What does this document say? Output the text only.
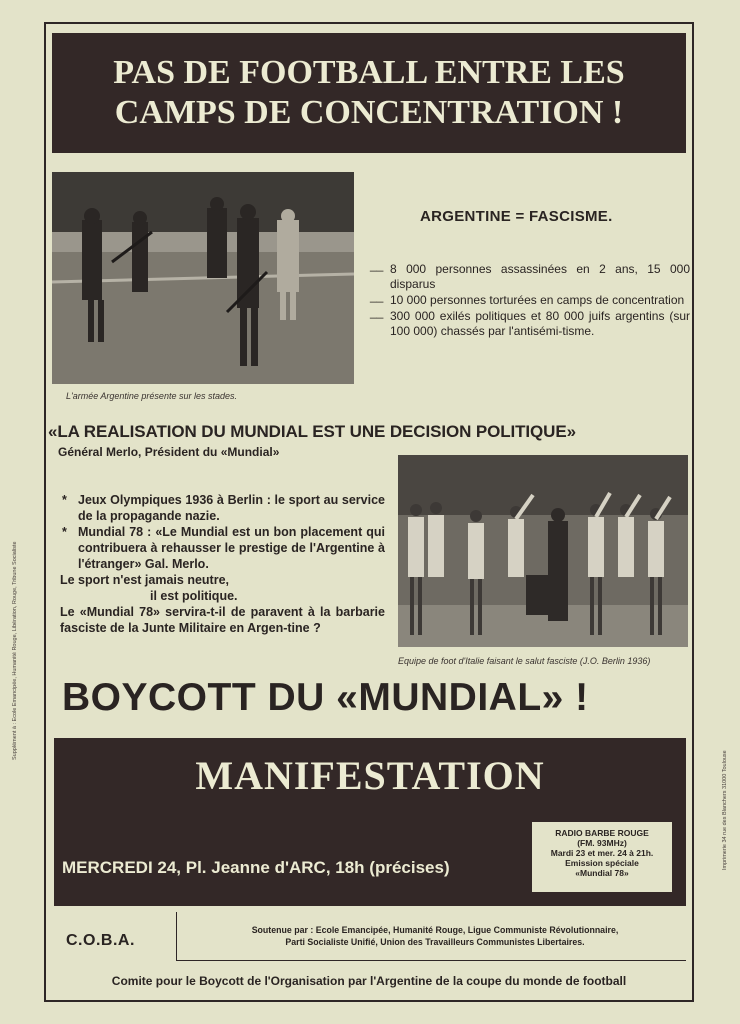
PAS DE FOOTBALL ENTRE LES
CAMPS DE CONCENTRATION !
L'armée Argentine présente sur les stades.
ARGENTINE = FASCISME.
__ 8 000 personnes assassinées en 2 ans, 15 000 disparus
__ 10 000 personnes torturées en camps de concentration
__ 300 000 exilés politiques et 80 000 juifs argentins (sur 100 000) chassés par l'antisémi-tisme.
«LA REALISATION DU MUNDIAL EST UNE DECISION POLITIQUE»
Général Merlo, Président du «Mundial»

* Jeux Olympiques 1936 à Berlin : le sport au service de la propagande nazie.

* Mundial 78 : «Le Mundial est un bon placement qui contribuera à rehausser le prestige de l'Argentine à l'étranger» Gal. Merlo.

Le sport n'est jamais neutre,

il est politique.

Le «Mundial 78» servira-t-il de paravent à la barbarie fasciste de la Junte Militaire en Argen-tine ?

Equipe de foot d'Italie faisant le salut fasciste (J.O. Berlin 1936)
BOYCOTT DU «MUNDIAL» !
MANIFESTATION
MERCREDI 24, Pl. Jeanne d'ARC, 18h (précises)
RADIO BARBE ROUGE
(FM. 93MHz)
Mardi 23 et mer. 24 à 21h.
Emission spéciale
«Mundial 78»
C.O.B.A.
Soutenue par : Ecole Emancipée, Humanité Rouge, Ligue Communiste Révolutionnaire,
Parti Socialiste Unifié, Union des Travailleurs Communistes Libertaires.
Comite pour le Boycott de l'Organisation par l'Argentine de la coupe du monde de football
Supplément à : Ecole Emancipée, Humanité Rouge, Libération, Rouge, Tribune Socialiste
Imprimerie 34 rue des Blanchers 31000 Toulouse
